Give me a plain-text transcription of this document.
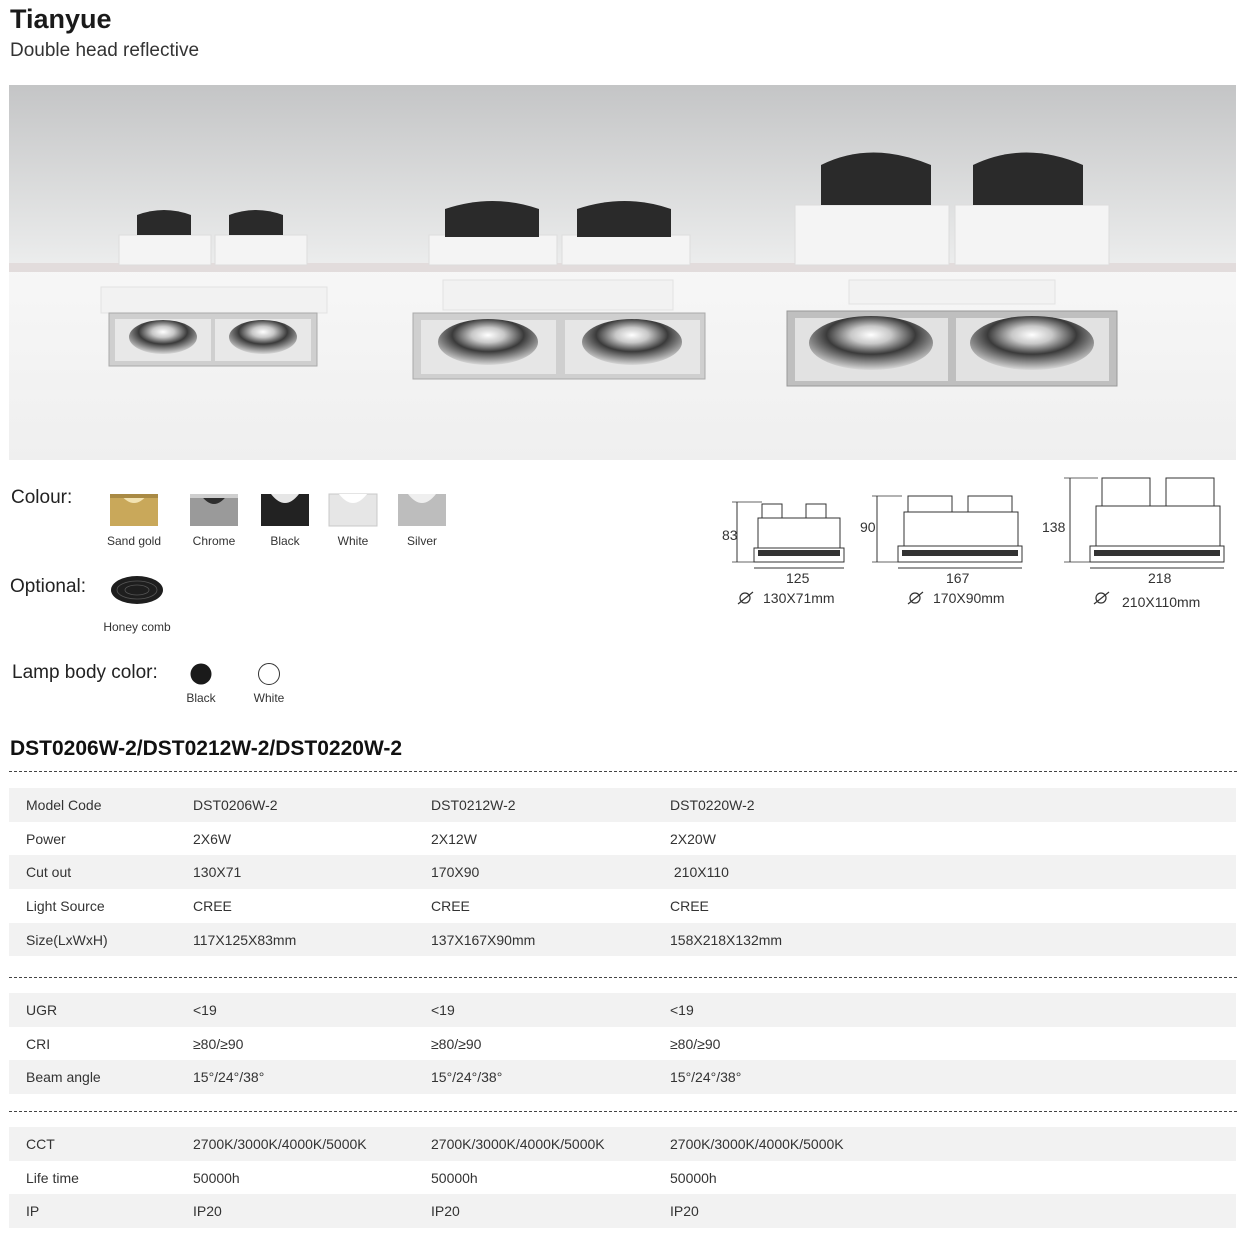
Tianyue
Double head reflective
Colour:
Sand gold	Chrome	Black	White	Silver
Optional:
Honey comb
Lamp body color:
Black	White
83
125
130X71mm
90
167
170X90mm
138
218
210X110mm
DST0206W-2/DST0212W-2/DST0220W-2
Model Code	DST0206W-2	DST0212W-2	DST0220W-2
Power	2X6W	2X12W	2X20W
Cut out	130X71	170X90	210X110
Light Source	CREE	CREE	CREE
Size(LxWxH)	117X125X83mm	137X167X90mm	158X218X132mm
UGR	<19	<19	<19
CRI	≥80/≥90	≥80/≥90	≥80/≥90
Beam angle	15°/24°/38°	15°/24°/38°	15°/24°/38°
CCT	2700K/3000K/4000K/5000K	2700K/3000K/4000K/5000K	2700K/3000K/4000K/5000K
Life time	50000h	50000h	50000h
IP	IP20	IP20	IP20
